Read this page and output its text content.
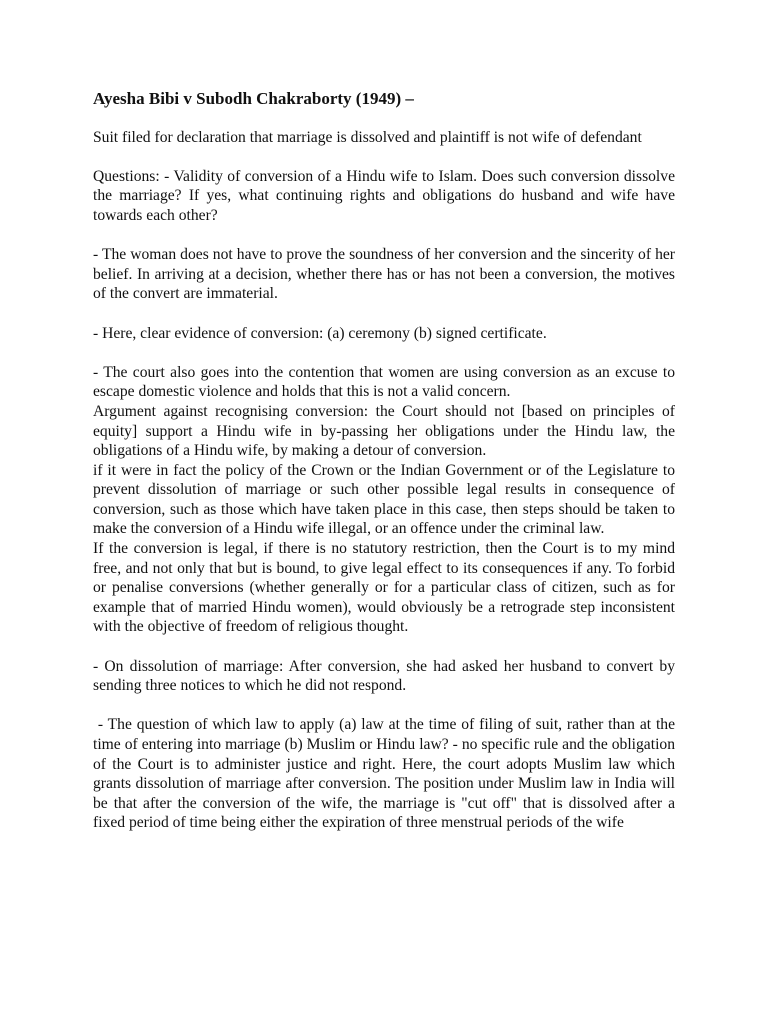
Ayesha Bibi v Subodh Chakraborty (1949) –

Suit filed for declaration that marriage is dissolved and plaintiff is not wife of defendant

Questions: - Validity of conversion of a Hindu wife to Islam. Does such conversion dissolve the marriage? If yes, what continuing rights and obligations do husband and wife have towards each other?

- The woman does not have to prove the soundness of her conversion and the sincerity of her belief. In arriving at a decision, whether there has or has not been a conversion, the motives of the convert are immaterial.

- Here, clear evidence of conversion: (a) ceremony (b) signed certificate.

- The court also goes into the contention that women are using conversion as an excuse to escape domestic violence and holds that this is not a valid concern.

Argument against recognising conversion: the Court should not [based on principles of equity] support a Hindu wife in by-passing her obligations under the Hindu law, the obligations of a Hindu wife, by making a detour of conversion.

if it were in fact the policy of the Crown or the Indian Government or of the Legislature to prevent dissolution of marriage or such other possible legal results in consequence of conversion, such as those which have taken place in this case, then steps should be taken to make the conversion of a Hindu wife illegal, or an offence under the criminal law.

If the conversion is legal, if there is no statutory restriction, then the Court is to my mind free, and not only that but is bound, to give legal effect to its consequences if any. To forbid or penalise conversions (whether generally or for a particular class of citizen, such as for example that of married Hindu women), would obviously be a retrograde step inconsistent with the objective of freedom of religious thought.

- On dissolution of marriage: After conversion, she had asked her husband to convert by sending three notices to which he did not respond.

- The question of which law to apply (a) law at the time of filing of suit, rather than at the time of entering into marriage (b) Muslim or Hindu law? - no specific rule and the obligation of the Court is to administer justice and right. Here, the court adopts Muslim law which grants dissolution of marriage after conversion. The position under Muslim law in India will be that after the conversion of the wife, the marriage is "cut off" that is dissolved after a fixed period of time being either the expiration of three menstrual periods of the wife
